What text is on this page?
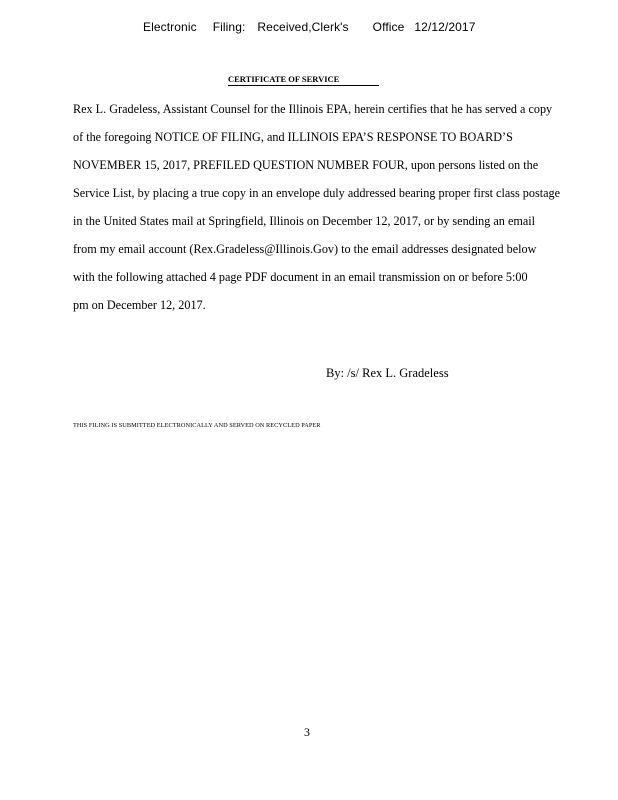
Electronic Filing: Received,Clerk's Office 12/12/2017
CERTIFICATE OF SERVICE
Rex L. Gradeless, Assistant Counsel for the Illinois EPA, herein certifies that he has served a copy
of the foregoing NOTICE OF FILING, and ILLINOIS EPA’S RESPONSE TO BOARD’S
NOVEMBER 15, 2017, PREFILED QUESTION NUMBER FOUR, upon persons listed on the
Service List, by placing a true copy in an envelope duly addressed bearing proper first class postage
in the United States mail at Springfield, Illinois on December 12, 2017, or by sending an email
from my email account (Rex.Gradeless@Illinois.Gov) to the email addresses designated below
with the following attached 4 page PDF document in an email transmission on or before 5:00
pm on December 12, 2017.
By: /s/ Rex L. Gradeless
THIS FILING IS SUBMITTED ELECTRONICALLY AND SERVED ON RECYCLED PAPER
3
